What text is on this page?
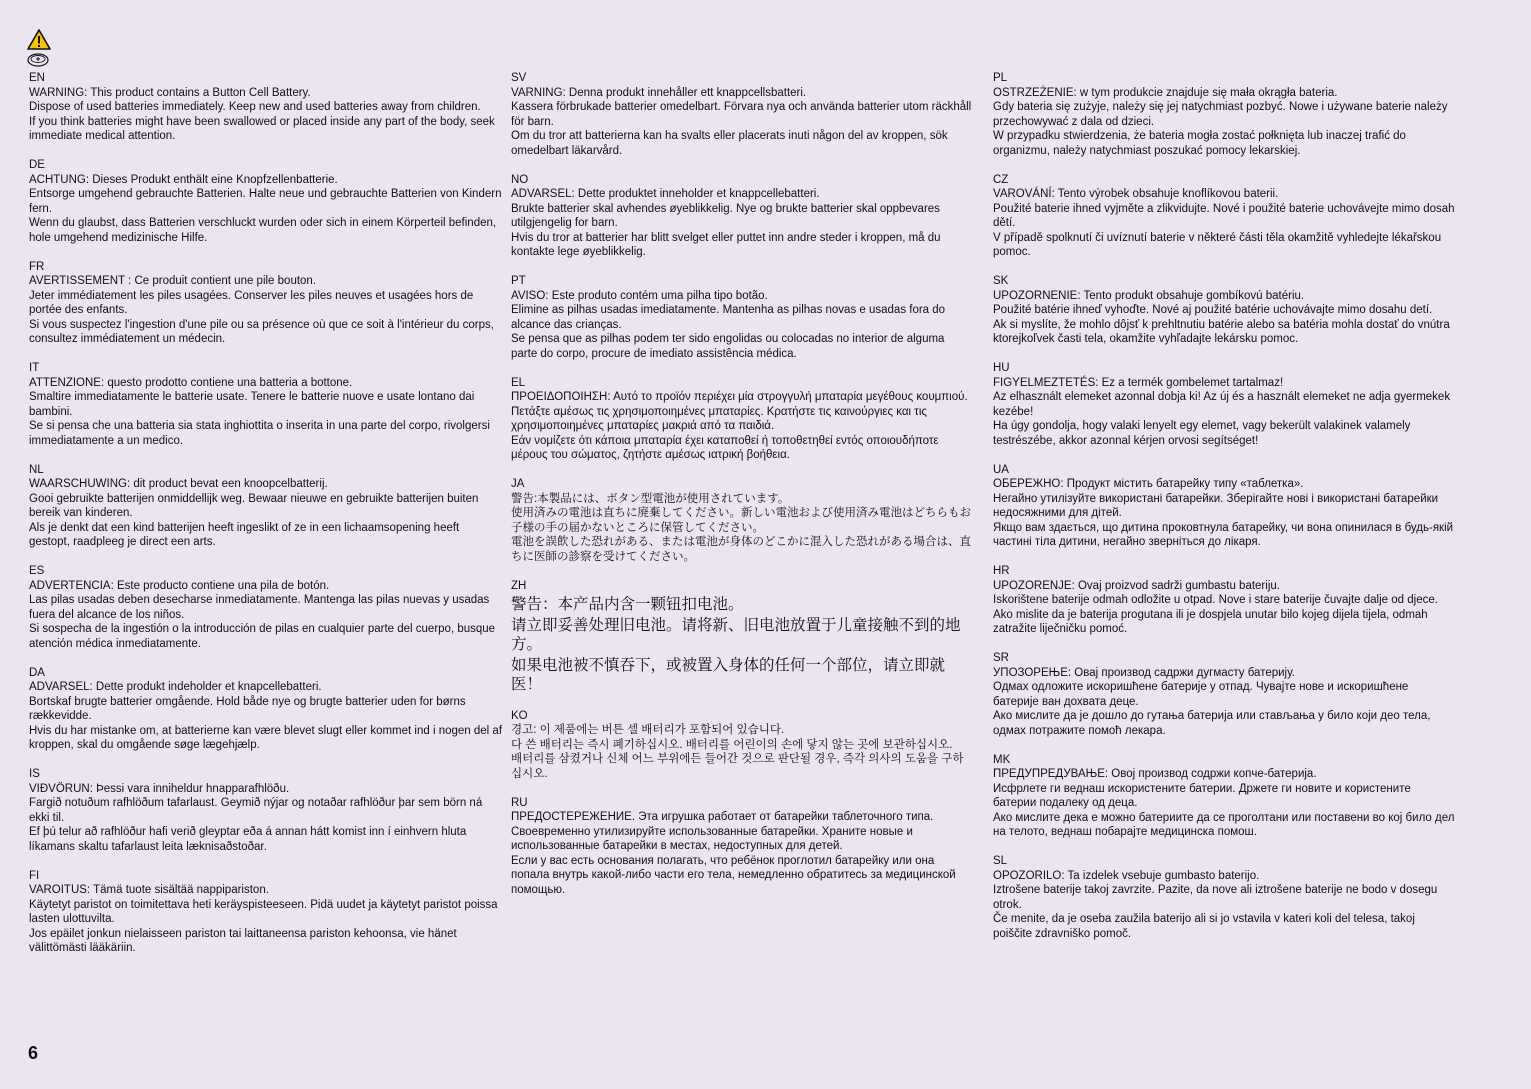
EN

WARNING: This product contains a Button Cell Battery.

Dispose of used batteries immediately. Keep new and used batteries away from children.

If you think batteries might have been swallowed or placed inside any part of the body, seek immediate medical attention.

DE

ACHTUNG: Dieses Produkt enthält eine Knopfzellenbatterie.

Entsorge umgehend gebrauchte Batterien. Halte neue und gebrauchte Batterien von Kindern fern.

Wenn du glaubst, dass Batterien verschluckt wurden oder sich in einem Körperteil befinden, hole umgehend medizinische Hilfe.

FR

AVERTISSEMENT : Ce produit contient une pile bouton.

Jeter immédiatement les piles usagées. Conserver les piles neuves et usagées hors de portée des enfants.

Si vous suspectez l'ingestion d'une pile ou sa présence où que ce soit à l'intérieur du corps, consultez immédiatement un médecin.

IT

ATTENZIONE: questo prodotto contiene una batteria a bottone.

Smaltire immediatamente le batterie usate. Tenere le batterie nuove e usate lontano dai bambini.

Se si pensa che una batteria sia stata inghiottita o inserita in una parte del corpo, rivolgersi immediatamente a un medico.

NL

WAARSCHUWING: dit product bevat een knoopcelbatterij.

Gooi gebruikte batterijen onmiddellijk weg. Bewaar nieuwe en gebruikte batterijen buiten bereik van kinderen.

Als je denkt dat een kind batterijen heeft ingeslikt of ze in een lichaamsopening heeft gestopt, raadpleeg je direct een arts.

ES

ADVERTENCIA: Este producto contiene una pila de botón.

Las pilas usadas deben desecharse inmediatamente. Mantenga las pilas nuevas y usadas fuera del alcance de los niños.

Si sospecha de la ingestión o la introducción de pilas en cualquier parte del cuerpo, busque atención médica inmediatamente.

DA

ADVARSEL: Dette produkt indeholder et knapcellebatteri.

Bortskaf brugte batterier omgående. Hold både nye og brugte batterier uden for børns rækkevidde.

Hvis du har mistanke om, at batterierne kan være blevet slugt eller kommet ind i nogen del af kroppen, skal du omgående søge lægehjælp.

IS

VIÐVÖRUN: Þessi vara inniheldur hnapparafhlöðu.

Fargið notuðum rafhlöðum tafarlaust. Geymið nýjar og notaðar rafhlöður þar sem börn ná ekki til.

Ef þú telur að rafhlöður hafi verið gleyptar eða á annan hátt komist inn í einhvern hluta líkamans skaltu tafarlaust leita læknisaðstoðar.

FI

VAROITUS: Tämä tuote sisältää nappipariston.

Käytetyt paristot on toimitettava heti keräyspisteeseen. Pidä uudet ja käytetyt paristot poissa lasten ulottuvilta.

Jos epäilet jonkun nielaisseen pariston tai laittaneensa pariston kehoonsa, vie hänet välittömästi lääkäriin.

SV

VARNING: Denna produkt innehåller ett knappcellsbatteri.

Kassera förbrukade batterier omedelbart. Förvara nya och använda batterier utom räckhåll för barn.

Om du tror att batterierna kan ha svalts eller placerats inuti någon del av kroppen, sök omedelbart läkarvård.

NO

ADVARSEL: Dette produktet inneholder et knappcellebatteri.

Brukte batterier skal avhendes øyeblikkelig. Nye og brukte batterier skal oppbevares utilgjengelig for barn.

Hvis du tror at batterier har blitt svelget eller puttet inn andre steder i kroppen, må du kontakte lege øyeblikkelig.

PT

AVISO: Este produto contém uma pilha tipo botão.

Elimine as pilhas usadas imediatamente. Mantenha as pilhas novas e usadas fora do alcance das crianças.

Se pensa que as pilhas podem ter sido engolidas ou colocadas no interior de alguma parte do corpo, procure de imediato assistência médica.

EL

ΠΡΟΕΙΔΟΠΟΙΗΣΗ: Αυτό το προϊόν περιέχει μία στρογγυλή μπαταρία μεγέθους κουμπιού.

Πετάξτε αμέσως τις χρησιμοποιημένες μπαταρίες. Κρατήστε τις καινούργιες και τις χρησιμοποιημένες μπαταρίες μακριά από τα παιδιά.

Εάν νομίζετε ότι κάποια μπαταρία έχει καταποθεί ή τοποθετηθεί εντός οποιουδήποτε μέρους του σώματος, ζητήστε αμέσως ιατρική βοήθεια.

JA

警告:本製品には、ボタン型電池が使用されています。

使用済みの電池は直ちに廃棄してください。新しい電池および使用済み電池はどちらもお子様の手の届かないところに保管してください。

電池を誤飲した恐れがある、または電池が身体のどこかに混入した恐れがある場合は、直ちに医師の診察を受けてください。

ZH

警告：本产品内含一颗钮扣电池。

请立即妥善处理旧电池。请将新、旧电池放置于儿童接触不到的地方。

如果电池被不慎吞下，或被置入身体的任何一个部位，请立即就医！

KO

경고: 이 제품에는 버튼 셀 배터리가 포함되어 있습니다.

다 쓴 배터리는 즉시 폐기하십시오. 배터리를 어린이의 손에 닿지 않는 곳에 보관하십시오.

배터리를 삼켰거나 신체 어느 부위에든 들어간 것으로 판단될 경우, 즉각 의사의 도움을 구하십시오.

RU

ПРЕДОСТЕРЕЖЕНИЕ. Эта игрушка работает от батарейки таблеточного типа.

Своевременно утилизируйте использованные батарейки. Храните новые и использованные батарейки в местах, недоступных для детей.

Если у вас есть основания полагать, что ребёнок проглотил батарейку или она попала внутрь какой-либо части его тела, немедленно обратитесь за медицинской помощью.

PL

OSTRZEŻENIE: w tym produkcie znajduje się mała okrągła bateria.

Gdy bateria się zużyje, należy się jej natychmiast pozbyć. Nowe i używane baterie należy przechowywać z dala od dzieci.

W przypadku stwierdzenia, że bateria mogła zostać połknięta lub inaczej trafić do organizmu, należy natychmiast poszukać pomocy lekarskiej.

CZ

VAROVÁNÍ: Tento výrobek obsahuje knoflíkovou baterii.

Použité baterie ihned vyjměte a zlikvidujte. Nové i použité baterie uchovávejte mimo dosah dětí.

V případě spolknutí či uvíznutí baterie v některé části těla okamžitě vyhledejte lékařskou pomoc.

SK

UPOZORNENIE: Tento produkt obsahuje gombíkovú batériu.

Použité batérie ihneď vyhoďte. Nové aj použité batérie uchovávajte mimo dosahu detí.

Ak si myslíte, že mohlo dôjsť k prehltnutiu batérie alebo sa batéria mohla dostať do vnútra ktorejkoľvek časti tela, okamžite vyhľadajte lekársku pomoc.

HU

FIGYELMEZTETÉS: Ez a termék gombelemet tartalmaz!

Az elhasznált elemeket azonnal dobja ki! Az új és a használt elemeket ne adja gyermekek kezébe!

Ha úgy gondolja, hogy valaki lenyelt egy elemet, vagy bekerült valakinek valamely testrészébe, akkor azonnal kérjen orvosi segítséget!

UA

ОБЕРЕЖНО: Продукт містить батарейку типу «таблетка».

Негайно утилізуйте використані батарейки. Зберігайте нові і використані батарейки недосяжними для дітей.

Якщо вам здається, що дитина проковтнула батарейку, чи вона опинилася в будь-якій частині тіла дитини, негайно зверніться до лікаря.

HR

UPOZORENJE: Ovaj proizvod sadrži gumbastu bateriju.

Iskorištene baterije odmah odložite u otpad. Nove i stare baterije čuvajte dalje od djece.

Ako mislite da je baterija progutana ili je dospjela unutar bilo kojeg dijela tijela, odmah zatražite liječničku pomoć.

SR

УПОЗОРЕЊЕ: Овај производ садржи дугмасту батерију.

Одмах одложите искоришћене батерије у отпад. Чувајте нове и искоришћене батерије ван дохвата деце.

Ако мислите да је дошло до гутања батерија или стављања у било који део тела, одмах потражите помоћ лекара.

MK

ПРЕДУПРЕДУВАЊЕ: Овој производ содржи копче-батерија.

Исфрлете ги веднаш искористените батерии. Држете ги новите и користените батерии подалеку од деца.

Ако мислите дека е можно батериите да се проголтани или поставени во кој било дел на телото, веднаш побарајте медицинска помош.

SL

OPOZORILO: Ta izdelek vsebuje gumbasto baterijo.

Iztrošene baterije takoj zavrzite. Pazite, da nove ali iztrošene baterije ne bodo v dosegu otrok.

Če menite, da je oseba zaužila baterijo ali si jo vstavila v kateri koli del telesa, takoj poiščite zdravniško pomoč.

6
